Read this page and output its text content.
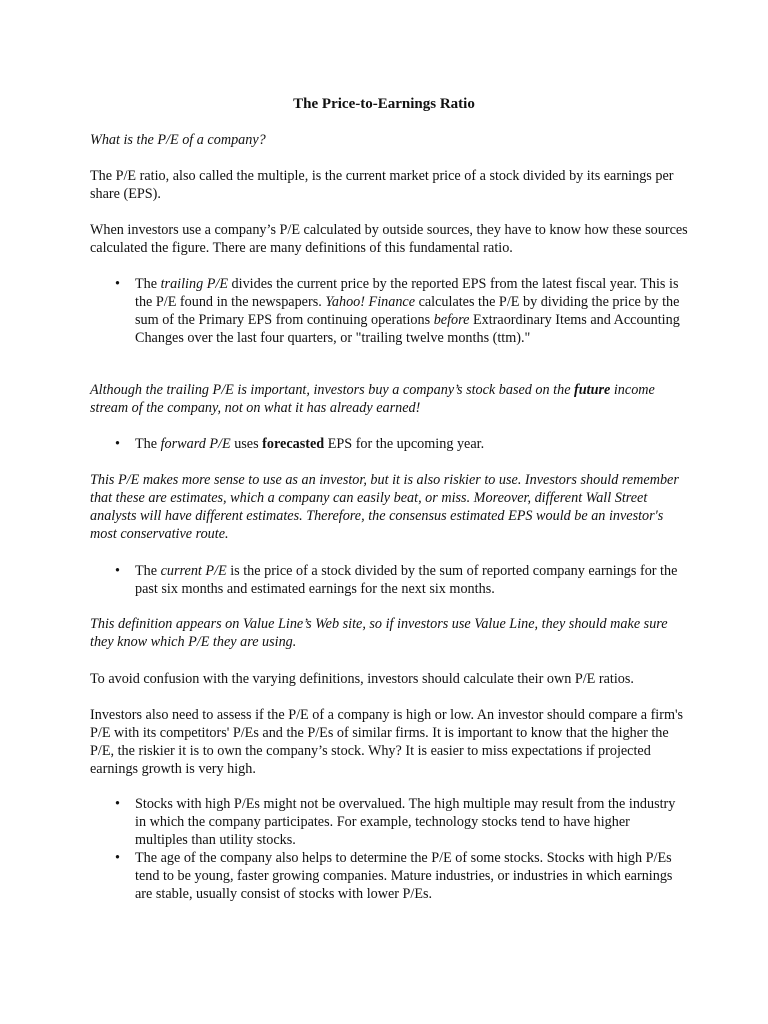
The Price-to-Earnings Ratio

What is the P/E of a company?

The P/E ratio, also called the multiple, is the current market price of a stock divided by its earnings per share (EPS).

When investors use a company’s P/E calculated by outside sources, they have to know how these sources calculated the figure. There are many definitions of this fundamental ratio.

• The trailing P/E divides the current price by the reported EPS from the latest fiscal year. This is the P/E found in the newspapers. Yahoo! Finance calculates the P/E by dividing the price by the sum of the Primary EPS from continuing operations before Extraordinary Items and Accounting Changes over the last four quarters, or "trailing twelve months (ttm)."

Although the trailing P/E is important, investors buy a company’s stock based on the future income stream of the company, not on what it has already earned!

• The forward P/E uses forecasted EPS for the upcoming year.

This P/E makes more sense to use as an investor, but it is also riskier to use. Investors should remember that these are estimates, which a company can easily beat, or miss. Moreover, different Wall Street analysts will have different estimates. Therefore, the consensus estimated EPS would be an investor's most conservative route.

• The current P/E is the price of a stock divided by the sum of reported company earnings for the past six months and estimated earnings for the next six months.

This definition appears on Value Line’s Web site, so if investors use Value Line, they should make sure they know which P/E they are using.

To avoid confusion with the varying definitions, investors should calculate their own P/E ratios.

Investors also need to assess if the P/E of a company is high or low. An investor should compare a firm's P/E with its competitors' P/Es and the P/Es of similar firms. It is important to know that the higher the P/E, the riskier it is to own the company’s stock. Why? It is easier to miss expectations if projected earnings growth is very high.

• Stocks with high P/Es might not be overvalued. The high multiple may result from the industry in which the company participates. For example, technology stocks tend to have higher multiples than utility stocks.

• The age of the company also helps to determine the P/E of some stocks. Stocks with high P/Es tend to be young, faster growing companies. Mature industries, or industries in which earnings are stable, usually consist of stocks with lower P/Es.
